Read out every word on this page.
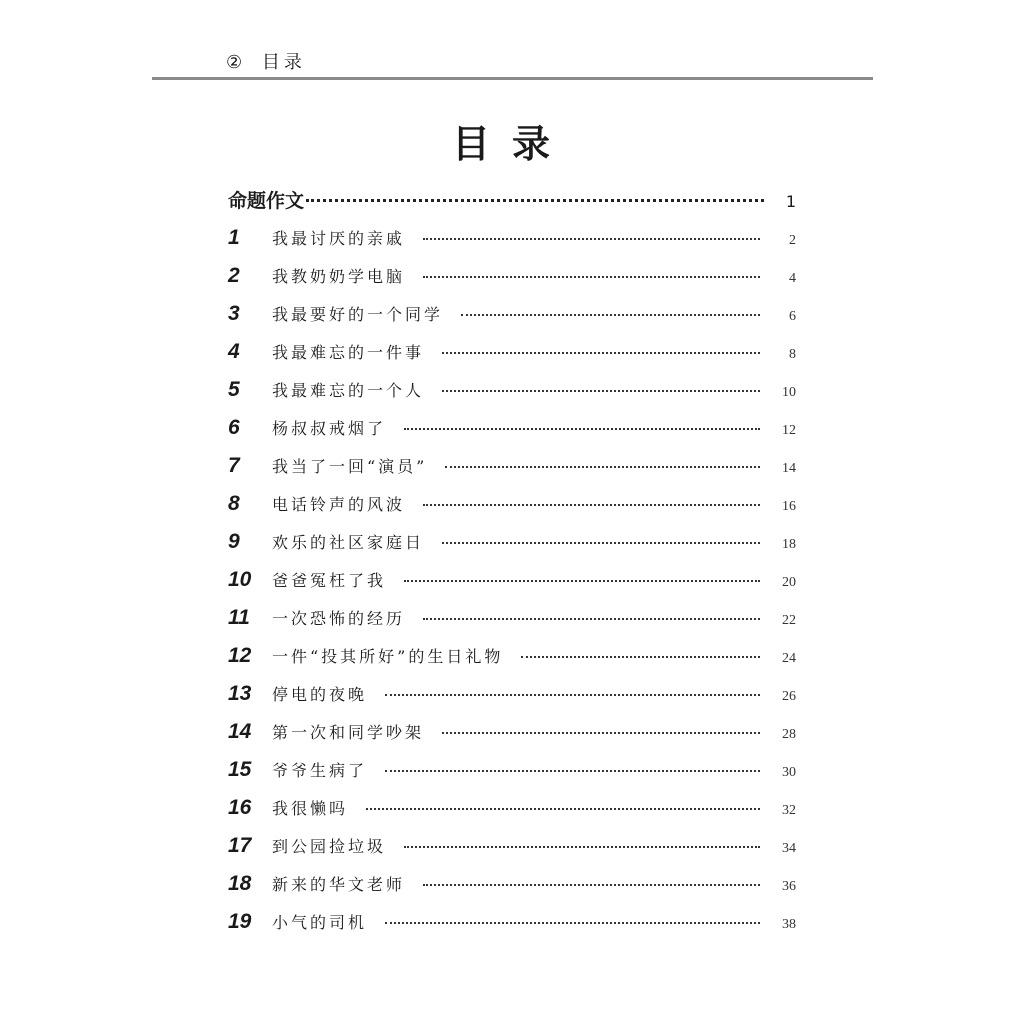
② 目录
目录
命题作文	1
1	我最讨厌的亲戚	2
2	我教奶奶学电脑	4
3	我最要好的一个同学	6
4	我最难忘的一件事	8
5	我最难忘的一个人	10
6	杨叔叔戒烟了	12
7	我当了一回“演员”	14
8	电话铃声的风波	16
9	欢乐的社区家庭日	18
10	爸爸冤枉了我	20
11	一次恐怖的经历	22
12	一件“投其所好”的生日礼物	24
13	停电的夜晚	26
14	第一次和同学吵架	28
15	爷爷生病了	30
16	我很懒吗	32
17	到公园捡垃圾	34
18	新来的华文老师	36
19	小气的司机	38
